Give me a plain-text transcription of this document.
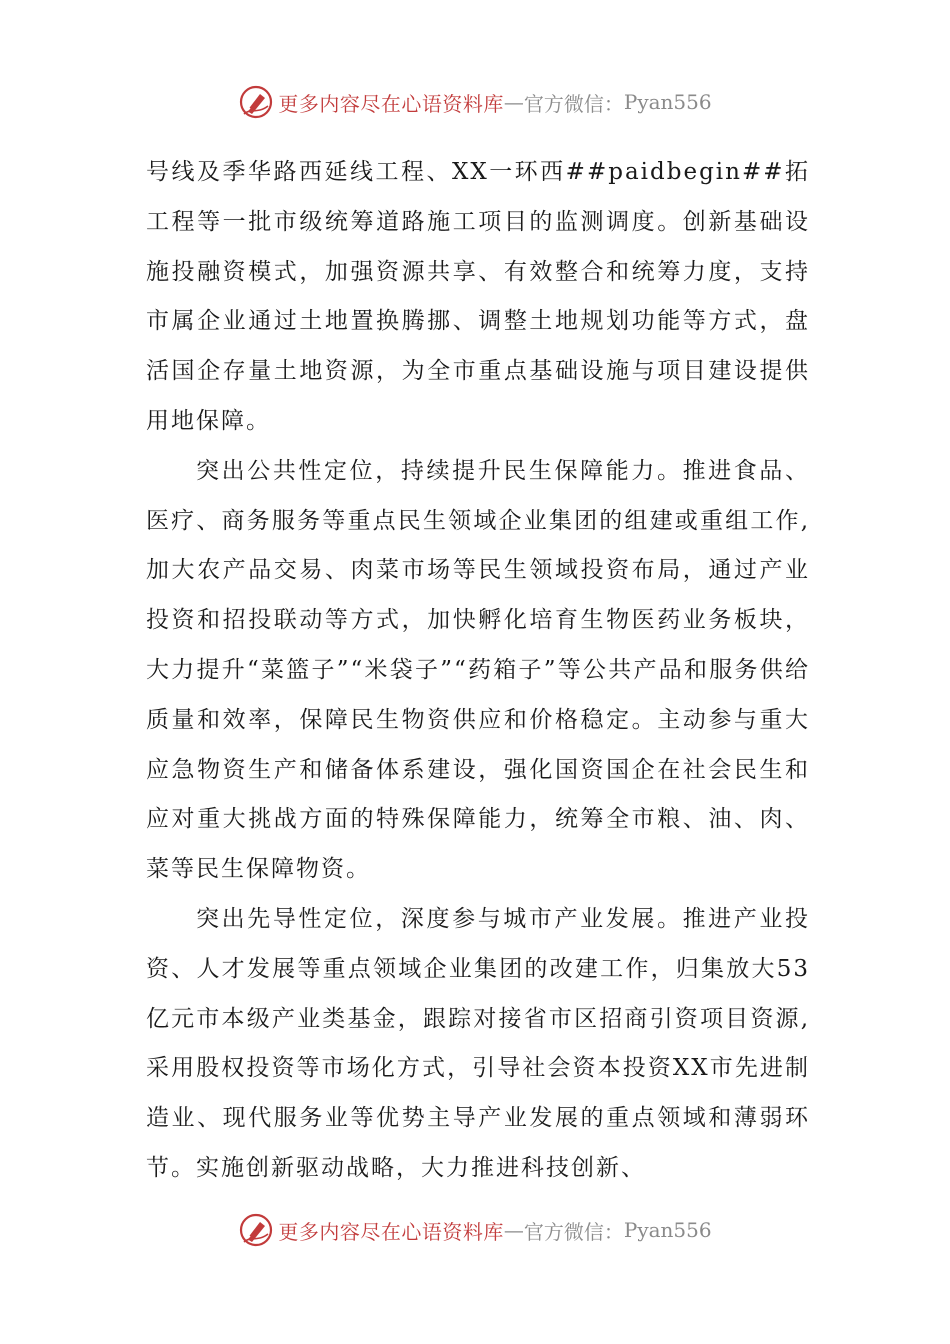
更多内容尽在心语资料库 — 官方微信： Pyan556

号线及季华路西延线工程、XX一环西##paidbegin##拓工程等一批市级统筹道路施工项目的监测调度。创新基础设施投融资模式，加强资源共享、有效整合和统筹力度，支持市属企业通过土地置换腾挪、调整土地规划功能等方式，盘活国企存量土地资源，为全市重点基础设施与项目建设提供用地保障。

突出公共性定位，持续提升民生保障能力。推进食品、医疗、商务服务等重点民生领域企业集团的组建或重组工作,加大农产品交易、肉菜市场等民生领域投资布局，通过产业投资和招投联动等方式，加快孵化培育生物医药业务板块，大力提升“菜篮子”“米袋子”“药箱子”等公共产品和服务供给质量和效率，保障民生物资供应和价格稳定。主动参与重大应急物资生产和储备体系建设，强化国资国企在社会民生和应对重大挑战方面的特殊保障能力，统筹全市粮、油、肉、菜等民生保障物资。

突出先导性定位，深度参与城市产业发展。推进产业投资、人才发展等重点领域企业集团的改建工作，归集放大53亿元市本级产业类基金，跟踪对接省市区招商引资项目资源,采用股权投资等市场化方式，引导社会资本投资XX市先进制造业、现代服务业等优势主导产业发展的重点领域和薄弱环节。实施创新驱动战略，大力推进科技创新、

更多内容尽在心语资料库 — 官方微信： Pyan556
